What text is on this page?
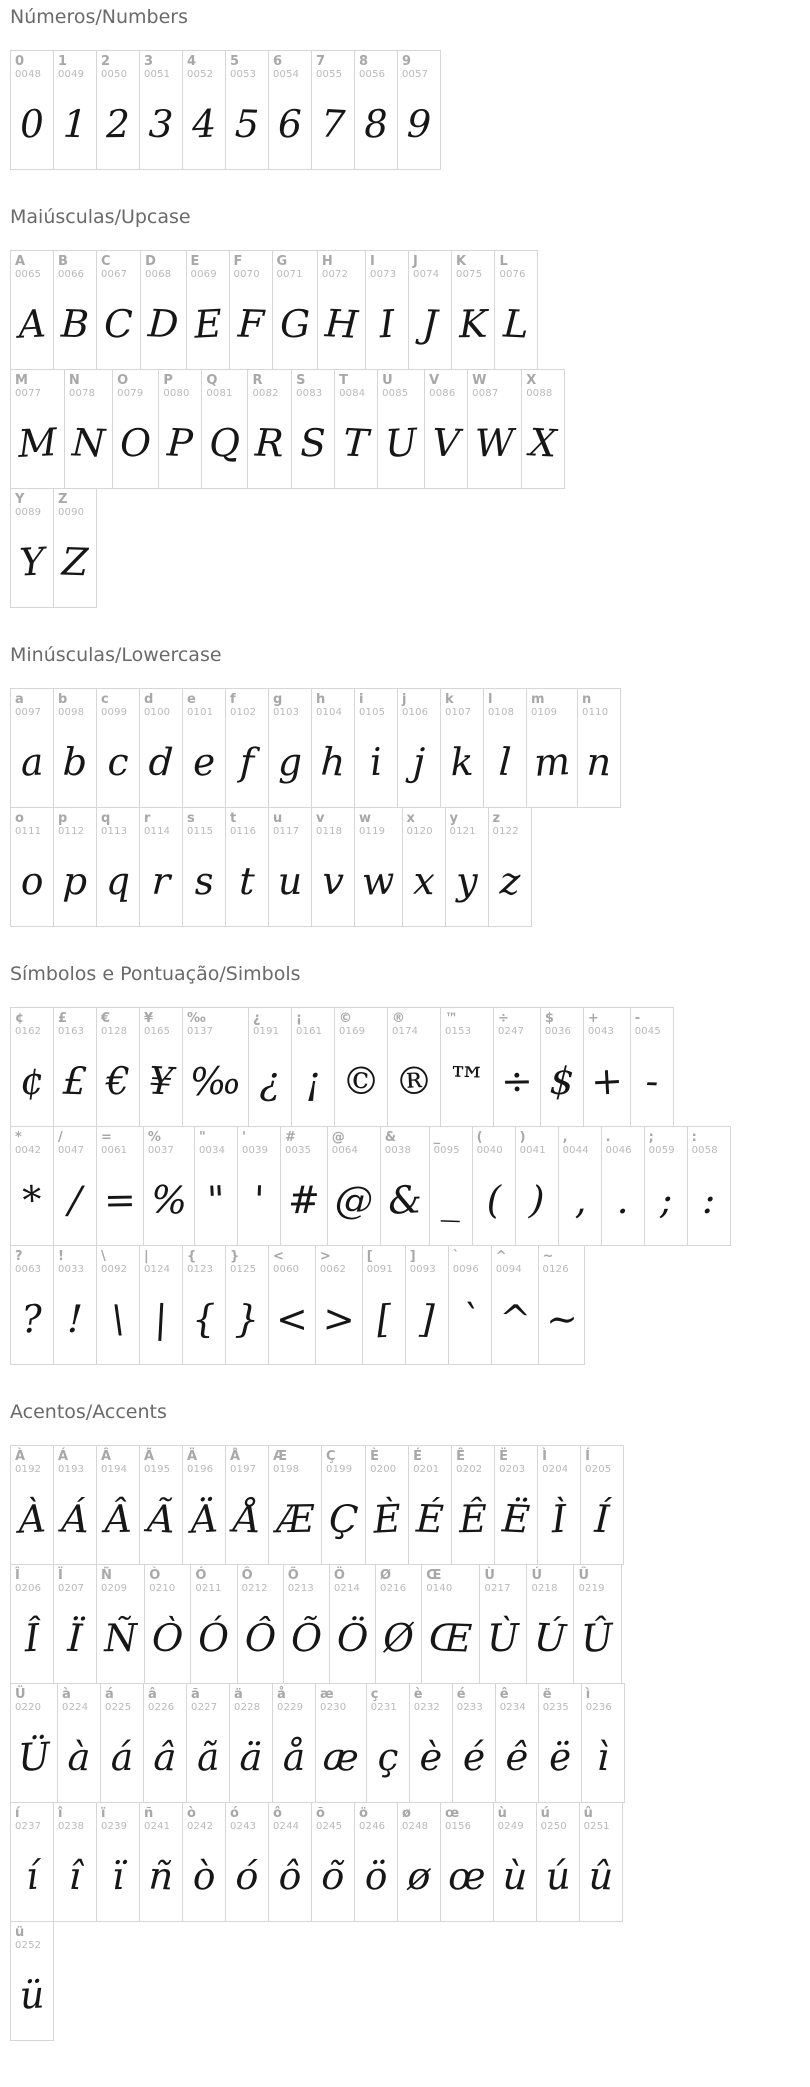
Números/Numbers
0
0048
0

1
0049
1

2
0050
2

3
0051
3

4
0052
4

5
0053
5

6
0054
6

7
0055
7

8
0056
8

9
0057
9
Maiúsculas/Upcase
A
0065
A

B
0066
B

C
0067
C

D
0068
D

E
0069
E

F
0070
F

G
0071
G

H
0072
H

I
0073
I

J
0074
J

K
0075
K

L
0076
L
M
0077
M

N
0078
N

O
0079
O

P
0080
P

Q
0081
Q

R
0082
R

S
0083
S

T
0084
T

U
0085
U

V
0086
V

W
0087
W

X
0088
X
Y
0089
Y

Z
0090
Z
Minúsculas/Lowercase
a
0097
a

b
0098
b

c
0099
c

d
0100
d

e
0101
e

f
0102
f

g
0103
g

h
0104
h

i
0105
i

j
0106
j

k
0107
k

l
0108
l

m
0109
m

n
0110
n
o
0111
o

p
0112
p

q
0113
q

r
0114
r

s
0115
s

t
0116
t

u
0117
u

v
0118
v

w
0119
w

x
0120
x

y
0121
y

z
0122
z
Símbolos e Pontuação/Simbols
¢
0162
¢

£
0163
£

€
0128
€

¥
0165
¥

‰
0137
‰

¿
0191
¿

¡
0161
¡

©
0169
©

®
0174
®

™
0153
™

÷
0247
÷

$
0036
$

+
0043
+

-
0045
-
*
0042
*

/
0047
/

=
0061
=

%
0037
%

"
0034
"

'
0039
'

#
0035
#

@
0064
@

&
0038
&

_
0095
_

(
0040
(

)
0041
)

,
0044
,

.
0046
.

;
0059
;

:
0058
:
?
0063
?

!
0033
!

\
0092
\

|
0124
|

{
0123
{

}
0125
}

<
0060
<

>
0062
>

[
0091
[

]
0093
]

`
0096
`

^
0094
^

~
0126
~
Acentos/Accents
À
0192
À

Á
0193
Á

Â
0194
Â

Ã
0195
Ã

Ä
0196
Ä

Å
0197
Å

Æ
0198
Æ

Ç
0199
Ç

È
0200
È

É
0201
É

Ê
0202
Ê

Ë
0203
Ë

Ì
0204
Ì

Í
0205
Í
Î
0206
Î

Ï
0207
Ï

Ñ
0209
Ñ

Ò
0210
Ò

Ó
0211
Ó

Ô
0212
Ô

Õ
0213
Õ

Ö
0214
Ö

Ø
0216
Ø

Œ
0140
Œ

Ù
0217
Ù

Ú
0218
Ú

Û
0219
Û
Ü
0220
Ü

à
0224
à

á
0225
á

â
0226
â

ã
0227
ã

ä
0228
ä

å
0229
å

æ
0230
æ

ç
0231
ç

è
0232
è

é
0233
é

ê
0234
ê

ë
0235
ë

ì
0236
ì
í
0237
í

î
0238
î

ï
0239
ï

ñ
0241
ñ

ò
0242
ò

ó
0243
ó

ô
0244
ô

õ
0245
õ

ö
0246
ö

ø
0248
ø

œ
0156
œ

ù
0249
ù

ú
0250
ú

û
0251
û
ü
0252
ü
